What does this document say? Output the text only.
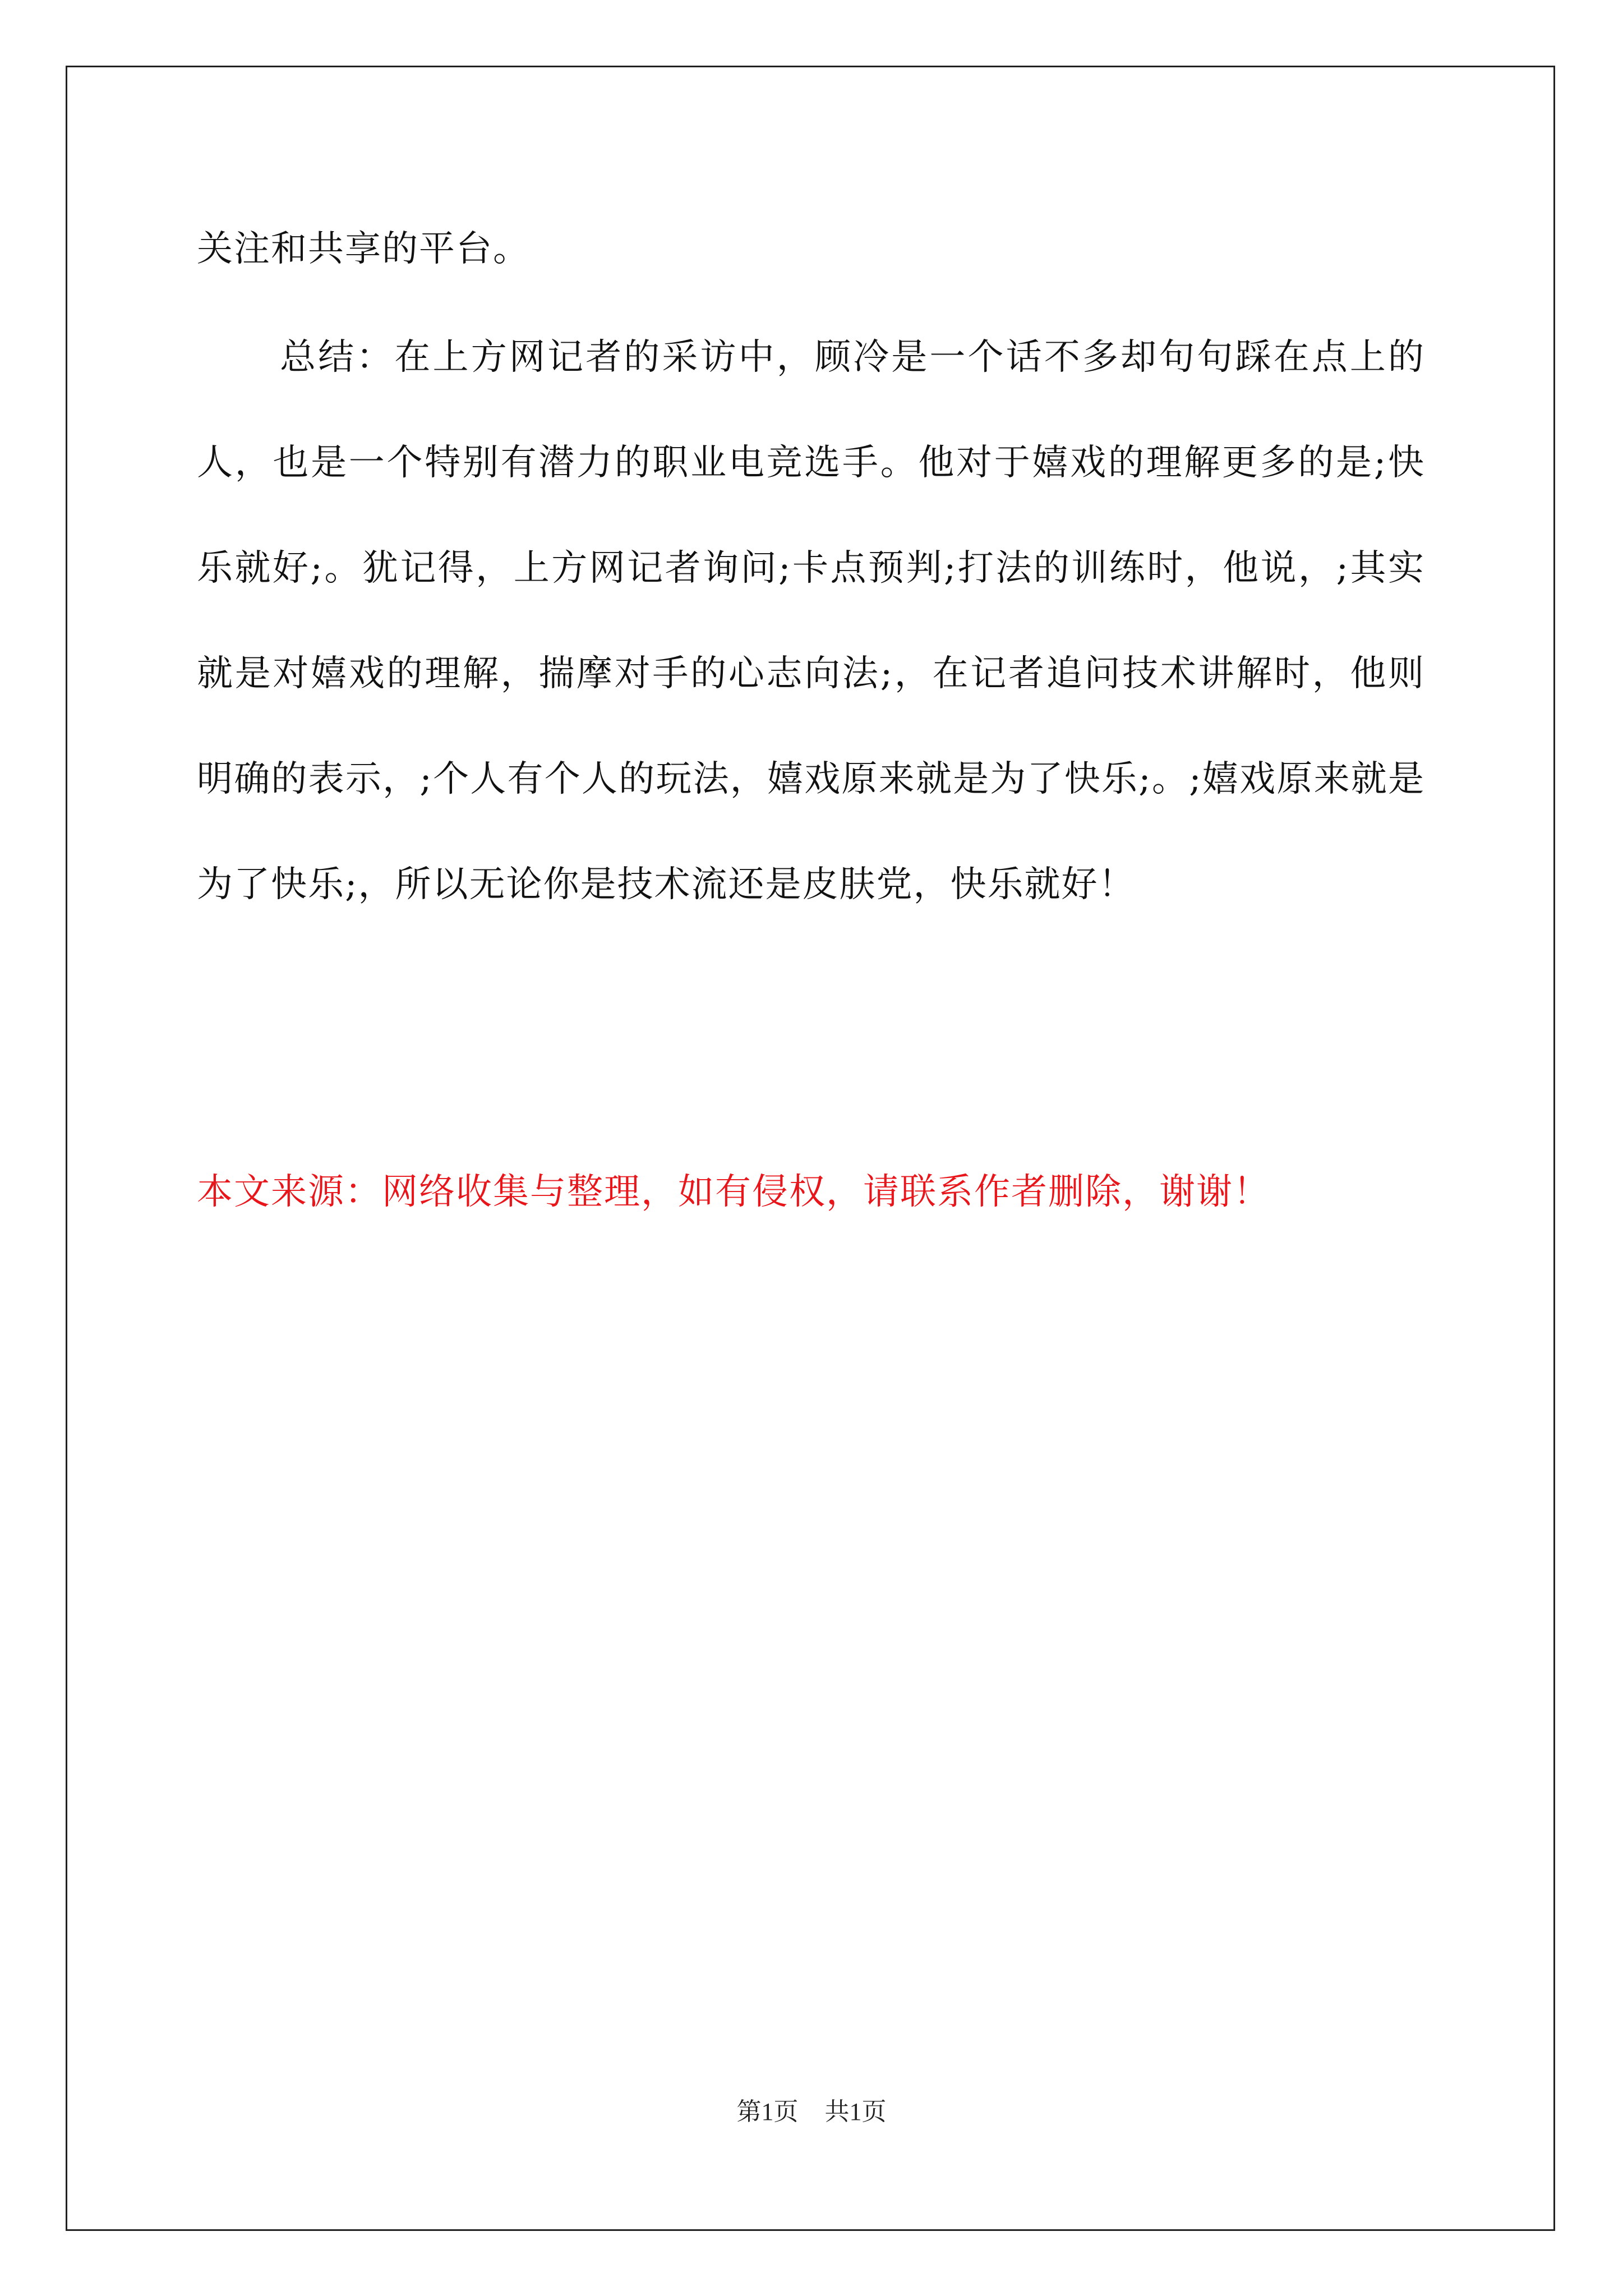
关注和共享的平台。

总结：在上方网记者的采访中，顾冷是一个话不多却句句踩在点上的人，也是一个特别有潜力的职业电竞选手。他对于嬉戏的理解更多的是;快乐就好;。犹记得，上方网记者询问;卡点预判;打法的训练时，他说，;其实就是对嬉戏的理解，揣摩对手的心志向法;，在记者追问技术讲解时，他则明确的表示，;个人有个人的玩法，嬉戏原来就是为了快乐;。;嬉戏原来就是为了快乐;，所以无论你是技术流还是皮肤党，快乐就好！

本文来源：网络收集与整理，如有侵权，请联系作者删除，谢谢！

第1页 共1页
